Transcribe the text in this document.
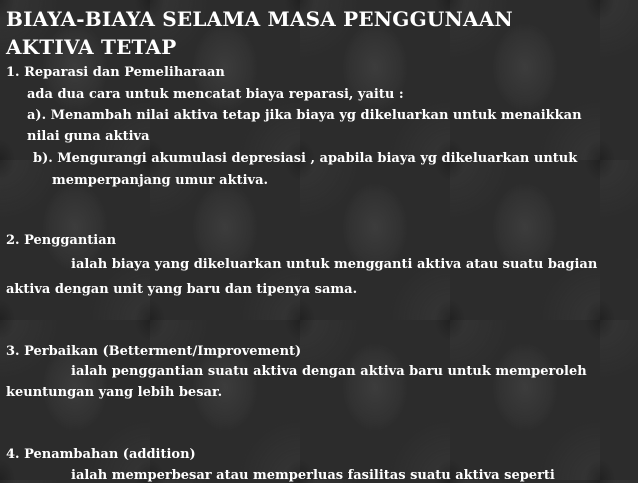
BIAYA-BIAYA SELAMA MASA PENGGUNAAN
AKTIVA TETAP
1. Reparasi dan Pemeliharaan
ada dua cara untuk mencatat biaya reparasi, yaitu :
a). Menambah nilai aktiva tetap jika biaya yg dikeluarkan untuk menaikkan
nilai guna aktiva
b). Mengurangi akumulasi depresiasi , apabila biaya yg dikeluarkan untuk
memperpanjang umur aktiva.
2. Penggantian
ialah biaya yang dikeluarkan untuk mengganti aktiva atau suatu bagian
aktiva dengan unit yang baru dan tipenya sama.
3. Perbaikan (Betterment/Improvement)
ialah penggantian suatu aktiva dengan aktiva baru untuk memperoleh
keuntungan yang lebih besar.
4. Penambahan (addition)
ialah memperbesar atau memperluas fasilitas suatu aktiva seperti
